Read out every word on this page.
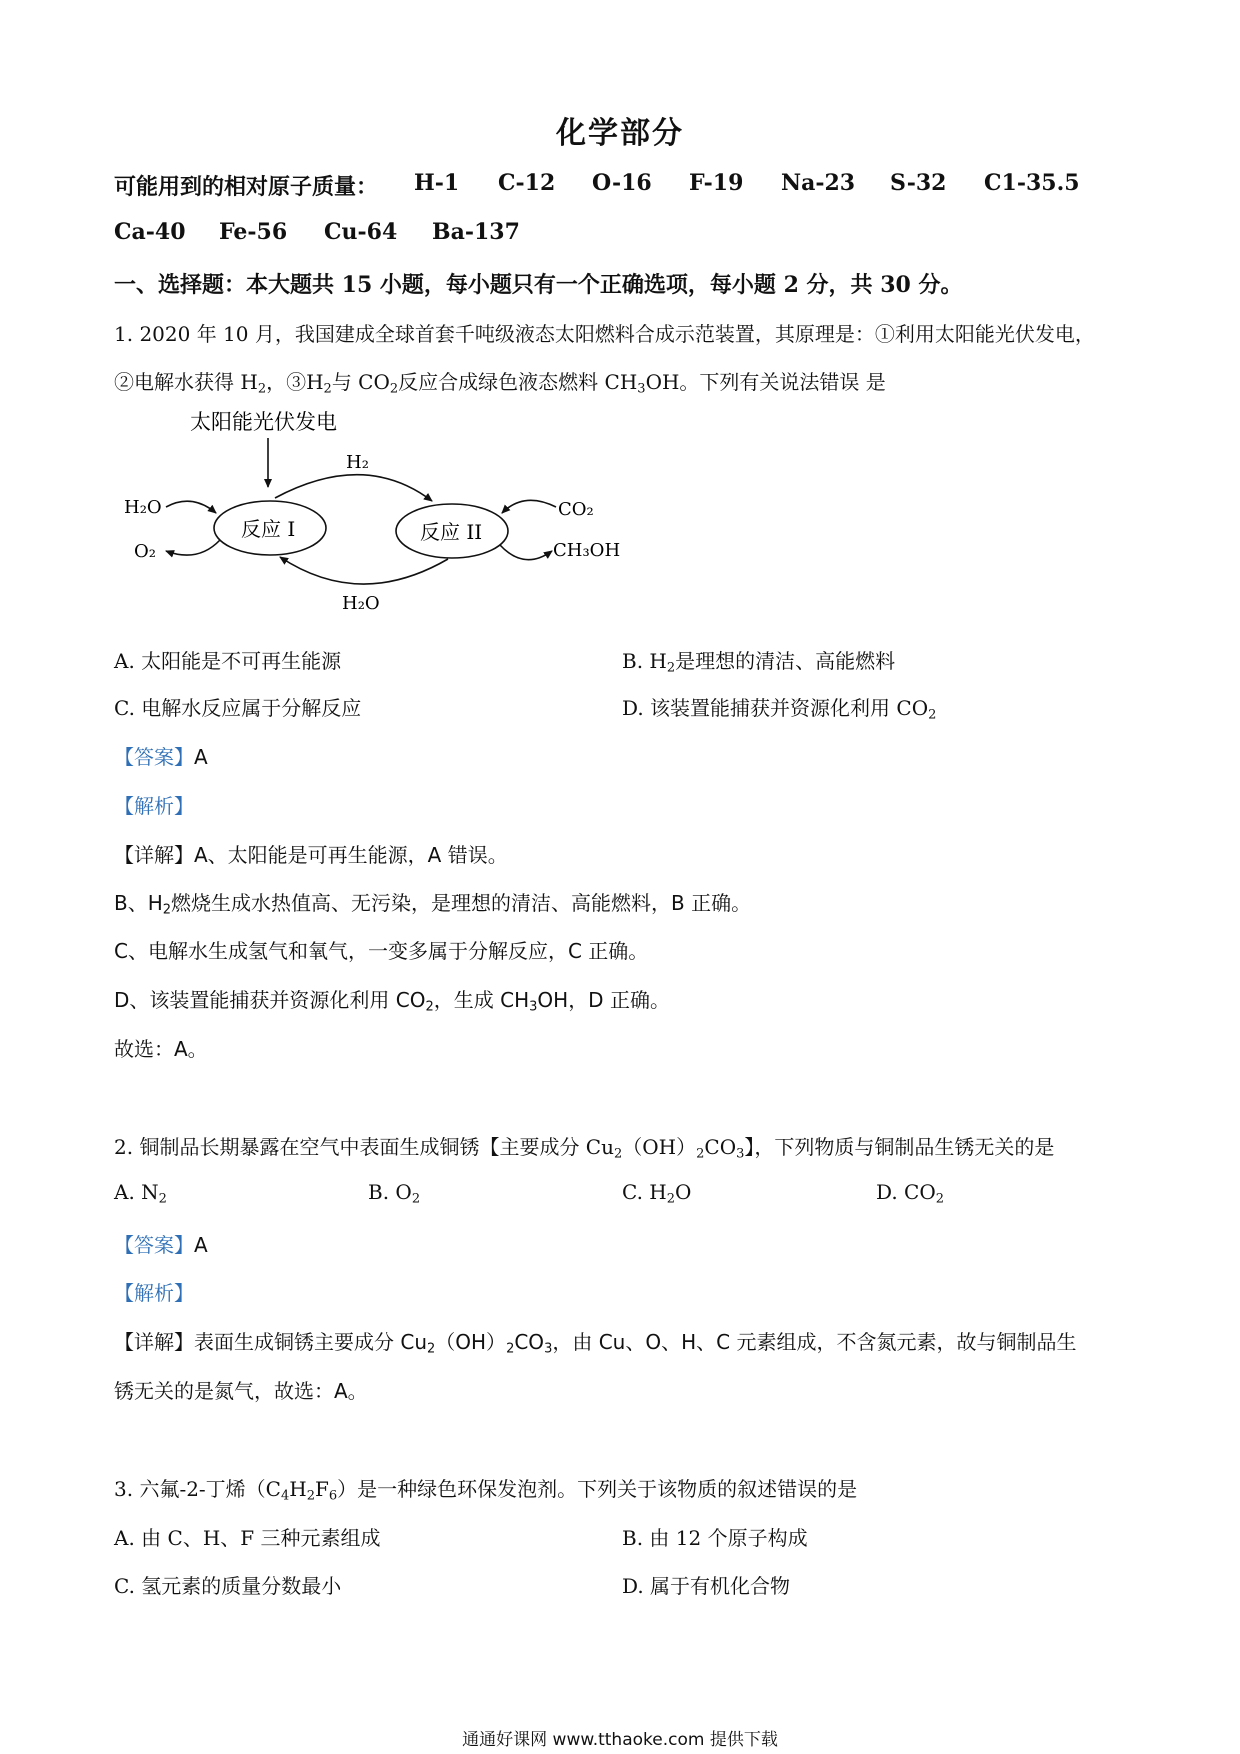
化学部分
可能用到的相对原子质量： H-1 C-12 O-16 F-19 Na-23 S-32 C1-35.5
Ca-40 Fe-56 Cu-64 Ba-137
一、选择题：本大题共 15 小题，每小题只有一个正确选项，每小题 2 分，共 30 分。
1. 2020 年 10 月，我国建成全球首套千吨级液态太阳燃料合成示范装置，其原理是：①利用太阳能光伏发电，
②电解水获得 $H_2$，$③H_2$与 $CO_2$反应合成绿色液态燃料 $CH_3OH$。下列有关说法错误 是
太阳能光伏发电
反应 I	反应 II
H₂
H₂O
H₂O
O₂
CO₂
CH₃OH
A. 太阳能是不可再生能源	B. $H_2$是理想的清洁、高能燃料
C. 电解水反应属于分解反应	D. 该装置能捕获并资源化利用 $CO_2$
【答案】A
【解析】
【详解】A、太阳能是可再生能源，A 错误。
B、$H_2$燃烧生成水热值高、无污染，是理想的清洁、高能燃料，B 正确。
C、电解水生成氢气和氧气，一变多属于分解反应，C 正确。
D、该装置能捕获并资源化利用 $CO_2$，生成 $CH_3OH$，D 正确。
故选：A。
2. 铜制品长期暴露在空气中表面生成铜锈【主要成分 $Cu_2(OH)_2CO_3$】，下列物质与铜制品生锈无关的是
A. $N_2$	B. $O_2$	C. $H_2O$	D. $CO_2$
【答案】A
【解析】
【详解】表面生成铜锈主要成分 $Cu_2(OH)_2CO_3$，由 Cu、O、H、C 元素组成，不含氮元素，故与铜制品生
锈无关的是氮气，故选：A。
3. 六氟-2-丁烯$(C_4H_2F_6)$是一种绿色环保发泡剂。下列关于该物质的叙述错误的是
A. 由 C、H、F 三种元素组成	B. 由 12 个原子构成
C. 氢元素的质量分数最小	D. 属于有机化合物
通通好课网 www.tthaoke.com 提供下载
